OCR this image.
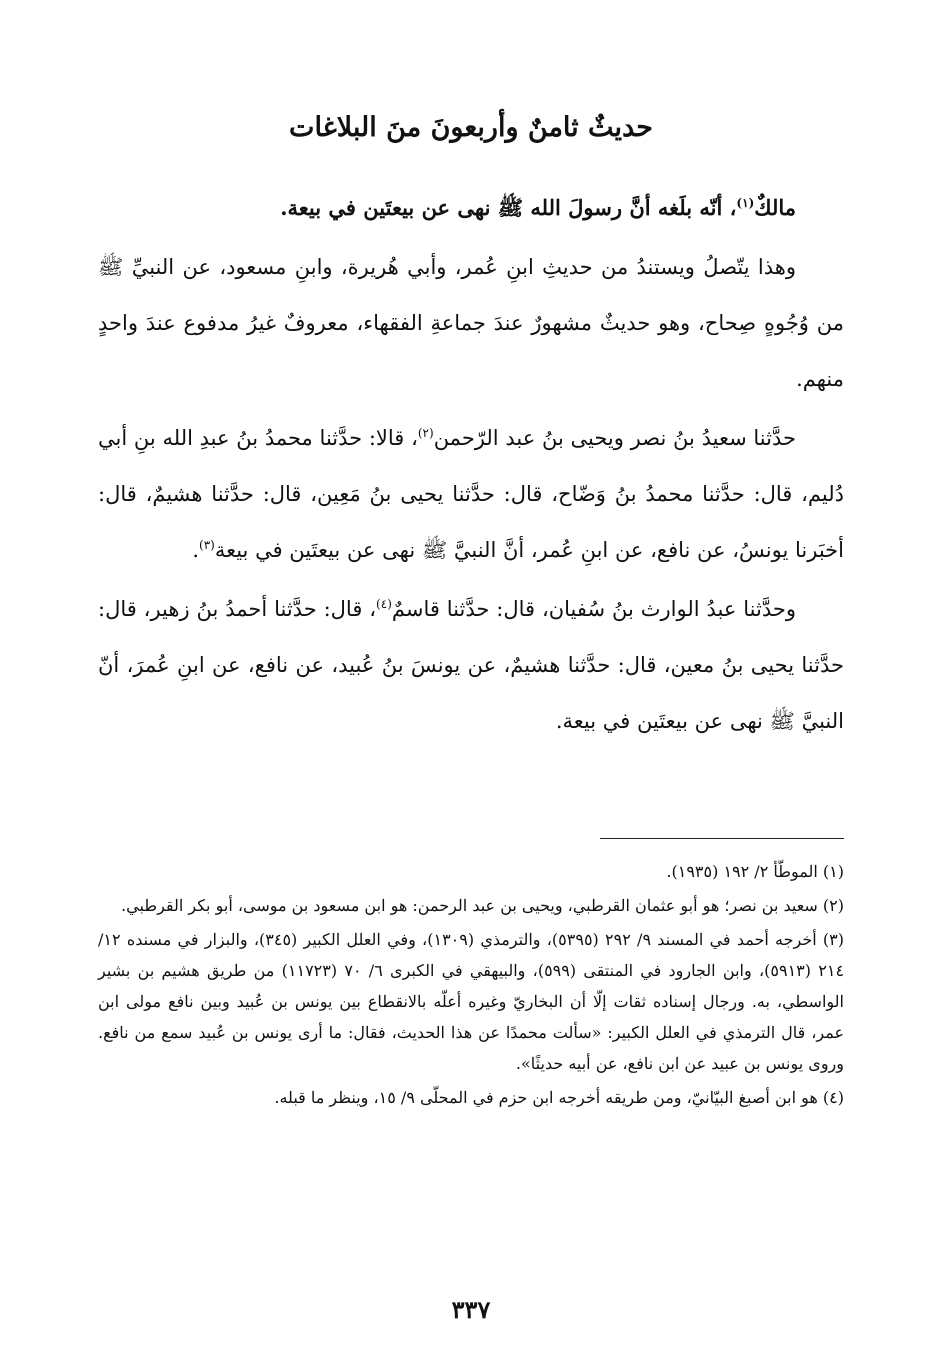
حديثٌ ثامنٌ وأربعونَ منَ البلاغات

مالكٌ$^{(١)}$، أنّه بلَغه أنَّ رسولَ الله ﷺ نهى عن بيعتَين في بيعة.

وهذا يتّصلُ ويستندُ من حديثِ ابنِ عُمر، وأبي هُريرة، وابنِ مسعود، عن النبيِّ ﷺ من وُجُوهٍ صِحاح، وهو حديثٌ مشهورٌ عندَ جماعةِ الفقهاء، معروفٌ غيرُ مدفوع عندَ واحدٍ منهم.

حدَّثنا سعيدُ بنُ نصر ويحيى بنُ عبد الرّحمن$^{(٢)}$، قالا: حدَّثنا محمدُ بنُ عبدِ الله بنِ أبي دُليم، قال: حدَّثنا محمدُ بنُ وَضّاح، قال: حدَّثنا يحيى بنُ مَعِين، قال: حدَّثنا هشيمٌ، قال: أخبَرنا يونسُ، عن نافع، عن ابنِ عُمر، أنَّ النبيَّ ﷺ نهى عن بيعتَين في بيعة$^{(٣)}$.

وحدَّثنا عبدُ الوارث بنُ سُفيان، قال: حدَّثنا قاسمٌ$^{(٤)}$، قال: حدَّثنا أحمدُ بنُ زهير، قال: حدَّثنا يحيى بنُ معين، قال: حدَّثنا هشيمٌ، عن يونسَ بنُ عُبيد، عن نافع، عن ابنِ عُمرَ، أنّ النبيَّ ﷺ نهى عن بيعتَين في بيعة.

(١) الموطّأ ٢/ ١٩٢ (١٩٣٥).

(٢) سعيد بن نصر؛ هو أبو عثمان القرطبي، ويحيى بن عبد الرحمن: هو ابن مسعود بن موسى، أبو بكر القرطبي.

(٣) أخرجه أحمد في المسند ٩/ ٢٩٢ (٥٣٩٥)، والترمذي (١٣٠٩)، وفي العلل الكبير (٣٤٥)، والبزار في مسنده ١٢/ ٢١٤ (٥٩١٣)، وابن الجارود في المنتقى (٥٩٩)، والبيهقي في الكبرى ٦/ ٧٠ (١١٧٢٣) من طريق هشيم بن بشير الواسطي، به. ورجال إسناده ثقات إلّا أن البخاريّ وغيره أعلّه بالانقطاع بين يونس بن عُبيد وبين نافع مولى ابن عمر، قال الترمذي في العلل الكبير: «سألت محمدًا عن هذا الحديث، فقال: ما أرى يونس بن عُبيد سمع من نافع. وروى يونس بن عبيد عن ابن نافع، عن أبيه حديثًا».

(٤) هو ابن أصبغ البيّانيّ، ومن طريقه أخرجه ابن حزم في المحلّى ٩/ ١٥، وينظر ما قبله.

٣٣٧
